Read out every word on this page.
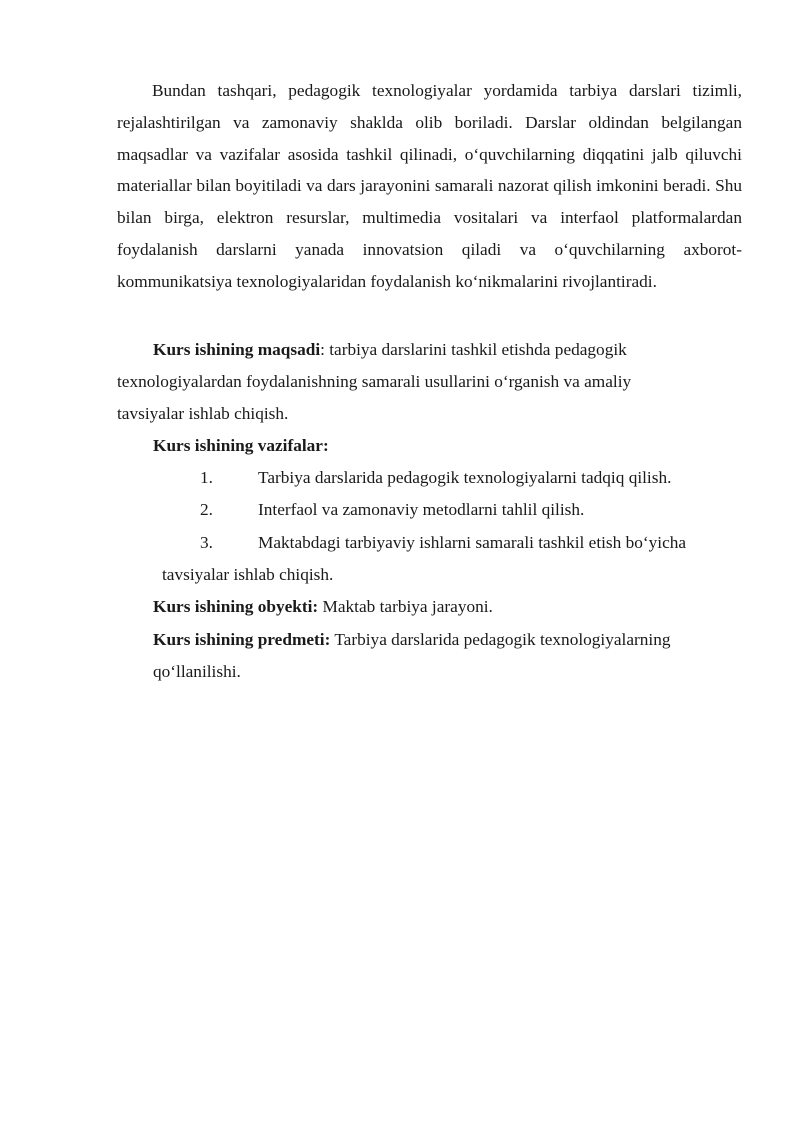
Bundan tashqari, pedagogik texnologiyalar yordamida tarbiya darslari tizimli, rejalashtirilgan va zamonaviy shaklda olib boriladi. Darslar oldindan belgilangan maqsadlar va vazifalar asosida tashkil qilinadi, o‘quvchilarning diqqatini jalb qiluvchi materiallar bilan boyitiladi va dars jarayonini samarali nazorat qilish imkonini beradi. Shu bilan birga, elektron resurslar, multimedia vositalari va interfaol platformalardan foydalanish darslarni yanada innovatsion qiladi va o‘quvchilarning axborot-kommunikatsiya texnologiyalaridan foydalanish ko‘nikmalarini rivojlantiradi.

Kurs ishining maqsadi: tarbiya darslarini tashkil etishda pedagogik
texnologiyalardan foydalanishning samarali usullarini o‘rganish va amaliy
tavsiyalar ishlab chiqish.
Kurs ishining vazifalar:
1.	Tarbiya darslarida pedagogik texnologiyalarni tadqiq qilish.
2.	Interfaol va zamonaviy metodlarni tahlil qilish.
3.	Maktabdagi tarbiyaviy ishlarni samarali tashkil etish bo‘yicha
tavsiyalar ishlab chiqish.
Kurs ishining obyekti: Maktab tarbiya jarayoni.
Kurs ishining predmeti: Tarbiya darslarida pedagogik texnologiyalarning
qo‘llanilishi.
